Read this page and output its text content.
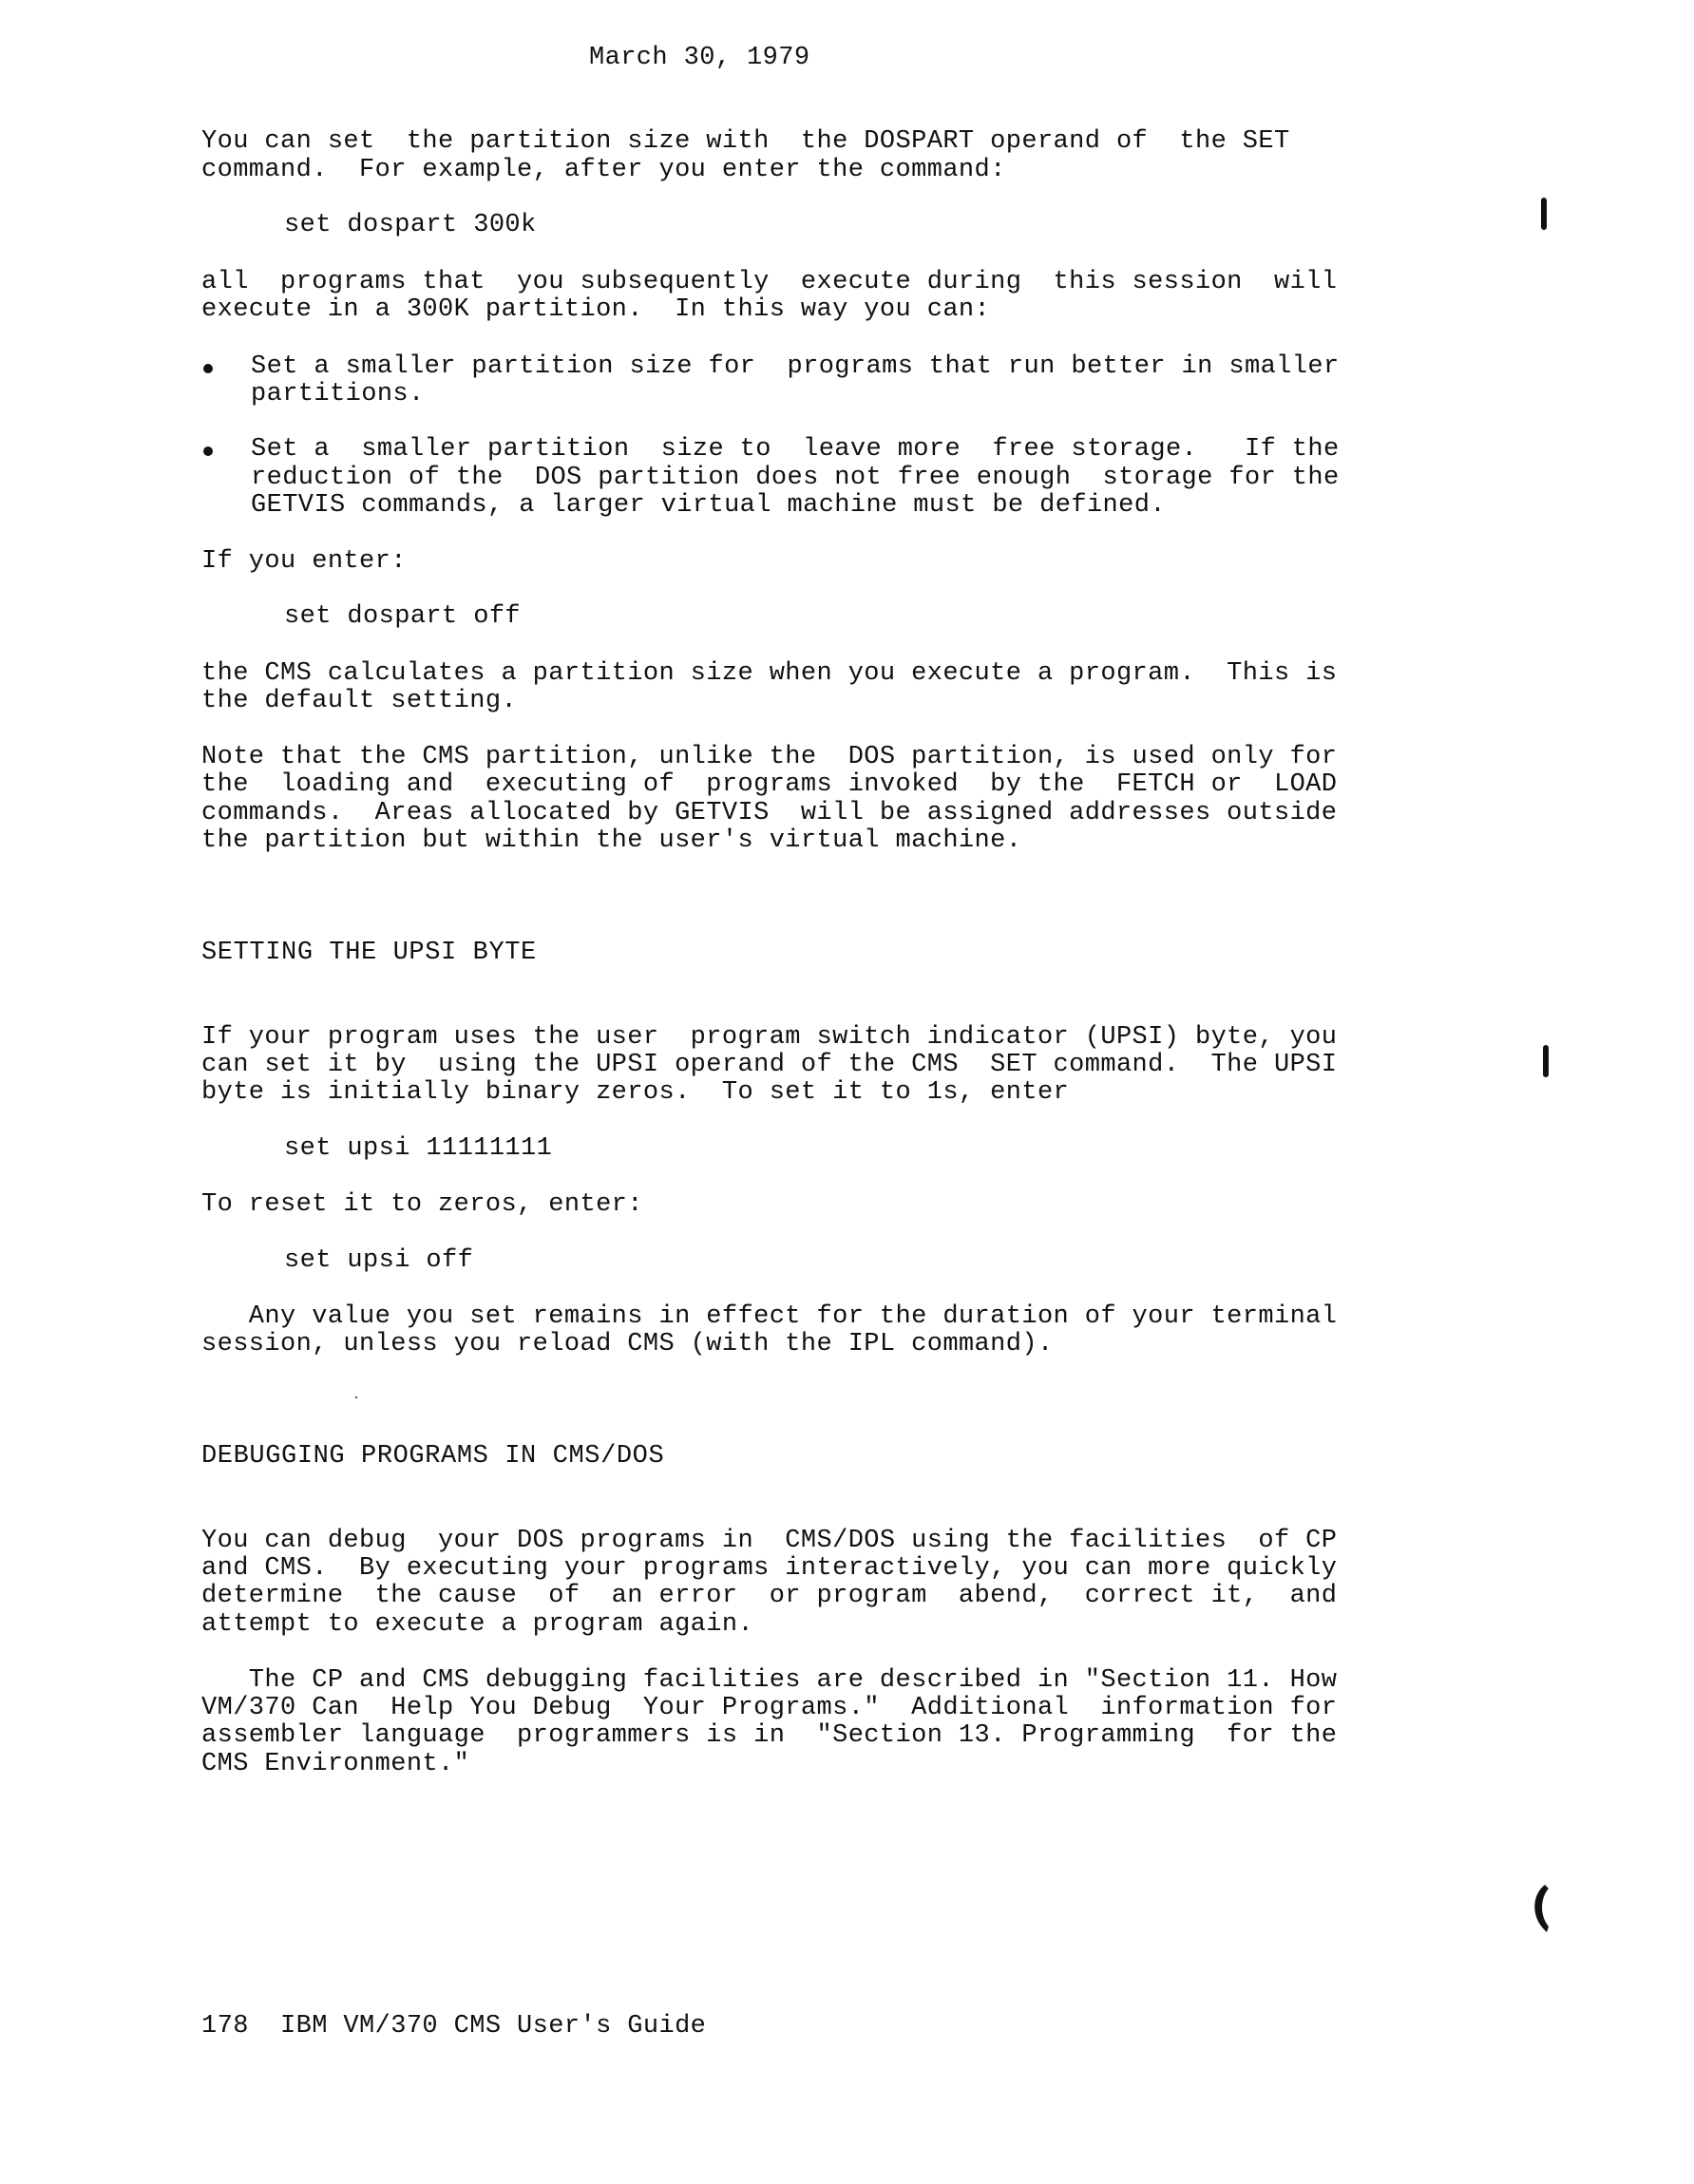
March 30, 1979
You can set  the partition size with  the DOSPART operand of  the SET
command.  For example, after you enter the command:
set dospart 300k
all  programs that  you subsequently  execute during  this session  will
execute in a 300K partition.  In this way you can:
Set a smaller partition size for  programs that run better in smaller
partitions.
Set a  smaller partition  size to  leave more  free storage.   If the
reduction of the  DOS partition does not free enough  storage for the
GETVIS commands, a larger virtual machine must be defined.
If you enter:
set dospart off
the CMS calculates a partition size when you execute a program.  This is
the default setting.
Note that the CMS partition, unlike the  DOS partition, is used only for
the  loading and  executing of  programs invoked  by the  FETCH or  LOAD
commands.  Areas allocated by GETVIS  will be assigned addresses outside
the partition but within the user's virtual machine.
SETTING THE UPSI BYTE
If your program uses the user  program switch indicator (UPSI) byte, you
can set it by  using the UPSI operand of the CMS  SET command.  The UPSI
byte is initially binary zeros.  To set it to 1s, enter
set upsi 11111111
To reset it to zeros, enter:
set upsi off
Any value you set remains in effect for the duration of your terminal
session, unless you reload CMS (with the IPL command).
DEBUGGING PROGRAMS IN CMS/DOS
You can debug  your DOS programs in  CMS/DOS using the facilities  of CP
and CMS.  By executing your programs interactively, you can more quickly
determine  the cause  of  an error  or program  abend,  correct it,  and
attempt to execute a program again.
The CP and CMS debugging facilities are described in "Section 11. How
VM/370 Can  Help You Debug  Your Programs."  Additional  information for
assembler language  programmers is in  "Section 13. Programming  for the
CMS Environment."
178  IBM VM/370 CMS User's Guide
